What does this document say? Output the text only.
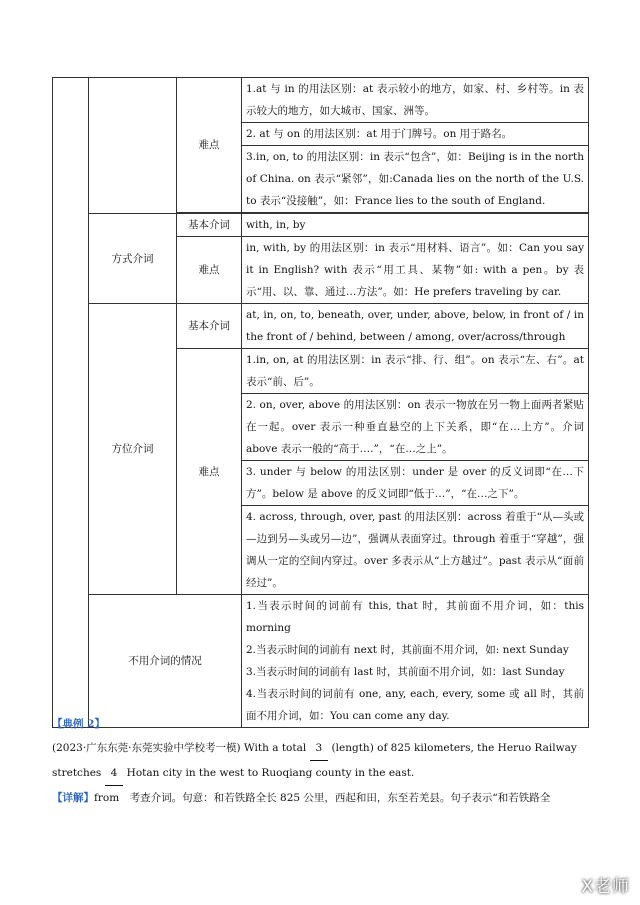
		难点	1.at 与 in 的用法区别：at 表示较小的地方，如家、村、乡村等。in 表示较大的地方，如大城市、国家、洲等。
			2. at 与 on 的用法区别：at 用于门牌号。on 用于路名。
			3.in, on, to 的用法区别：in 表示“包含”，如：Beijing is in the north of China. on 表示“紧邻”，如:Canada lies on the north of the U.S. to 表示“没接触”，如：France lies to the south of England.

	方式介词	基本介词	with, in, by
		难点	in, with, by 的用法区别：in 表示“用材料、语言”。如：Can you say it in English? with 表示“用工具、某物”如: with a pen。by 表示“用、以、靠、通过…方法”。如：He prefers traveling by car.
	方位介词	基本介词	at, in, on, to, beneath, over, under, above, below, in front of / in the front of / behind, between / among, over/across/through
		难点	1.in, on, at 的用法区别：in 表示“排、行、组”。on 表示“左、右”。at 表示“前、后”。
			2. on, over, above 的用法区别：on 表示一物放在另一物上面两者紧贴在一起。over 表示一种垂直悬空的上下关系，即“在…上方”。介词 above 表示一般的“高于….”，“在…之上”。
			3. under 与 below 的用法区别：under 是 over 的反义词即“在…下方”。below 是 above 的反义词即“低于…”，“在…之下”。
			4. across, through, over, past 的用法区别：across 着重于“从—头或—边到另—头或另—边”，强调从表面穿过。through 着重于“穿越”，强调从一定的空间内穿过。over 多表示从“上方越过”。past 表示从“面前经过”。
	不用介词的情况		1.当表示时间的词前有 this, that 时，其前面不用介词，如：this morning

2.当表示时间的词前有 next 时，其前面不用介词，如: next Sunday

3.当表示时间的词前有 last 时，其前面不用介词，如：last Sunday

4.当表示时间的词前有 one, any, each, every, some 或 all 时，其前面不用介词，如：You can come any day.

【典例 2】
(2023·广东东莞·东莞实验中学校考一模) With a total 3 (length) of 825 kilometers, the Heruo Railway
stretches 4 Hotan city in the west to Ruoqiang county in the east.
【详解】from　考查介词。句意：和若铁路全长 825 公里，西起和田，东至若羌县。句子表示“和若铁路全
X老师
